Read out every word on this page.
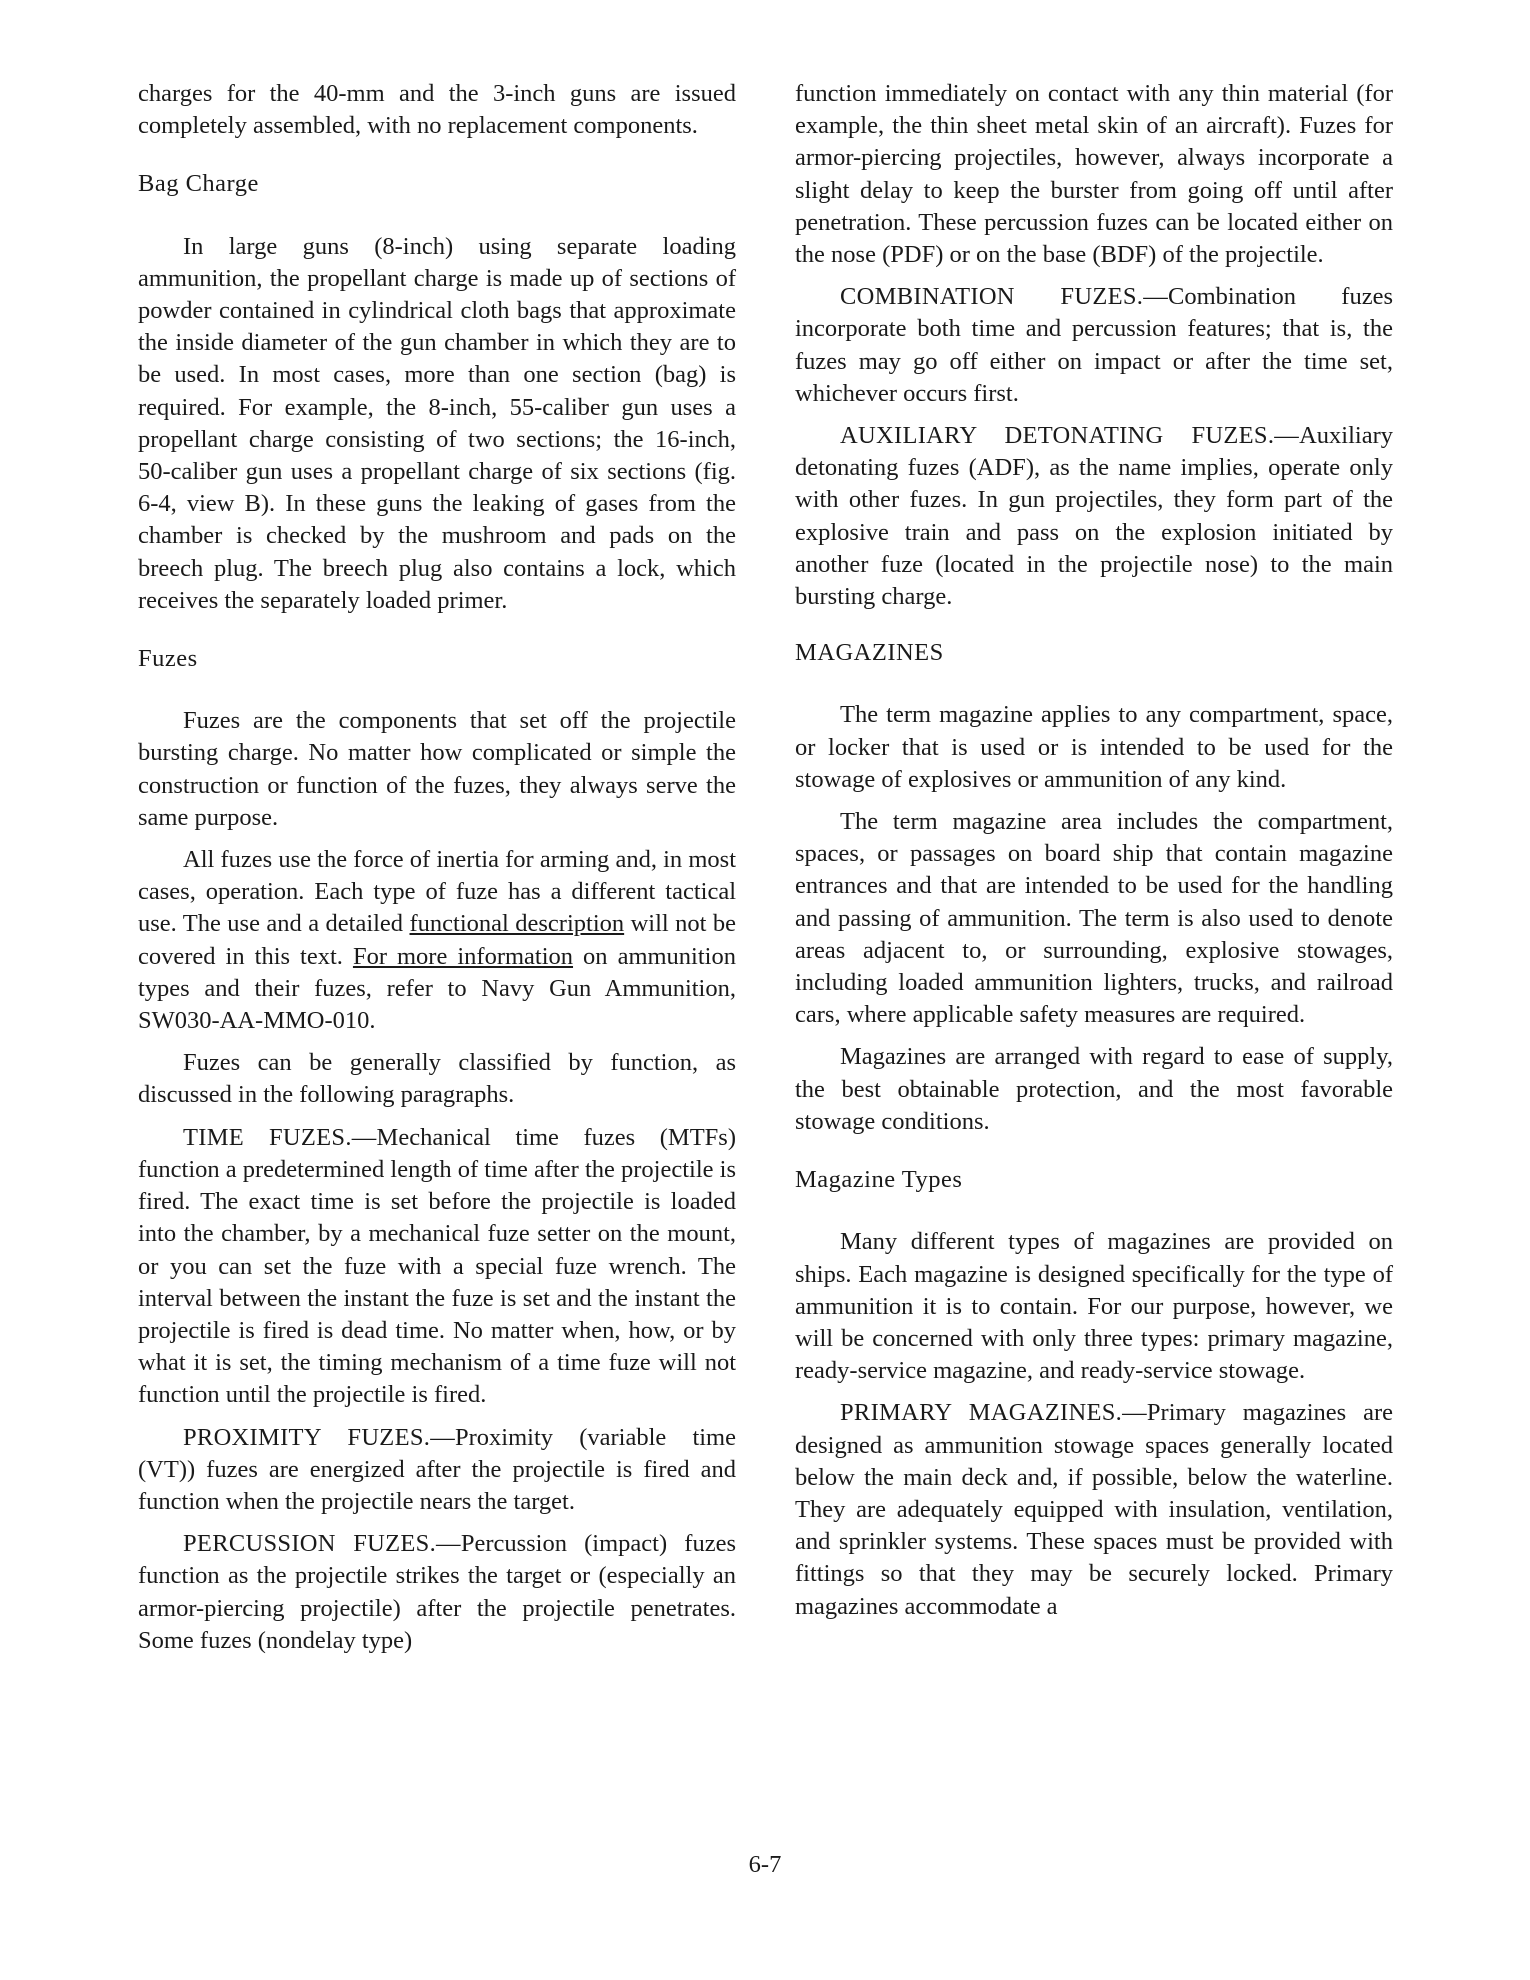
charges for the 40-mm and the 3-inch guns are issued completely assembled, with no replacement components.

Bag Charge

In large guns (8-inch) using separate loading ammunition, the propellant charge is made up of sections of powder contained in cylindrical cloth bags that approximate the inside diameter of the gun chamber in which they are to be used. In most cases, more than one section (bag) is required. For example, the 8-inch, 55-caliber gun uses a propellant charge consisting of two sections; the 16-inch, 50-caliber gun uses a propellant charge of six sections (fig. 6-4, view B). In these guns the leaking of gases from the chamber is checked by the mushroom and pads on the breech plug. The breech plug also contains a lock, which receives the separately loaded primer.

Fuzes

Fuzes are the components that set off the projectile bursting charge. No matter how complicated or simple the construction or function of the fuzes, they always serve the same purpose.

All fuzes use the force of inertia for arming and, in most cases, operation. Each type of fuze has a different tactical use. The use and a detailed functional description will not be covered in this text. For more information on ammunition types and their fuzes, refer to Navy Gun Ammunition, SW030-AA-MMO-010.

Fuzes can be generally classified by function, as discussed in the following paragraphs.

TIME FUZES.—Mechanical time fuzes (MTFs) function a predetermined length of time after the projectile is fired. The exact time is set before the projectile is loaded into the chamber, by a mechanical fuze setter on the mount, or you can set the fuze with a special fuze wrench. The interval between the instant the fuze is set and the instant the projectile is fired is dead time. No matter when, how, or by what it is set, the timing mechanism of a time fuze will not function until the projectile is fired.

PROXIMITY FUZES.—Proximity (variable time (VT)) fuzes are energized after the projectile is fired and function when the projectile nears the target.

PERCUSSION FUZES.—Percussion (impact) fuzes function as the projectile strikes the target or (especially an armor-piercing projectile) after the projectile penetrates. Some fuzes (nondelay type)

function immediately on contact with any thin material (for example, the thin sheet metal skin of an aircraft). Fuzes for armor-piercing projectiles, however, always incorporate a slight delay to keep the burster from going off until after penetration. These percussion fuzes can be located either on the nose (PDF) or on the base (BDF) of the projectile.

COMBINATION FUZES.—Combination fuzes incorporate both time and percussion features; that is, the fuzes may go off either on impact or after the time set, whichever occurs first.

AUXILIARY DETONATING FUZES.—Auxiliary detonating fuzes (ADF), as the name implies, operate only with other fuzes. In gun projectiles, they form part of the explosive train and pass on the explosion initiated by another fuze (located in the projectile nose) to the main bursting charge.

MAGAZINES

The term magazine applies to any compartment, space, or locker that is used or is intended to be used for the stowage of explosives or ammunition of any kind.

The term magazine area includes the compartment, spaces, or passages on board ship that contain magazine entrances and that are intended to be used for the handling and passing of ammunition. The term is also used to denote areas adjacent to, or surrounding, explosive stowages, including loaded ammunition lighters, trucks, and railroad cars, where applicable safety measures are required.

Magazines are arranged with regard to ease of supply, the best obtainable protection, and the most favorable stowage conditions.

Magazine Types

Many different types of magazines are provided on ships. Each magazine is designed specifically for the type of ammunition it is to contain. For our purpose, however, we will be concerned with only three types: primary magazine, ready-service magazine, and ready-service stowage.

PRIMARY MAGAZINES.—Primary magazines are designed as ammunition stowage spaces generally located below the main deck and, if possible, below the waterline. They are adequately equipped with insulation, ventilation, and sprinkler systems. These spaces must be provided with fittings so that they may be securely locked. Primary magazines accommodate a

6-7
